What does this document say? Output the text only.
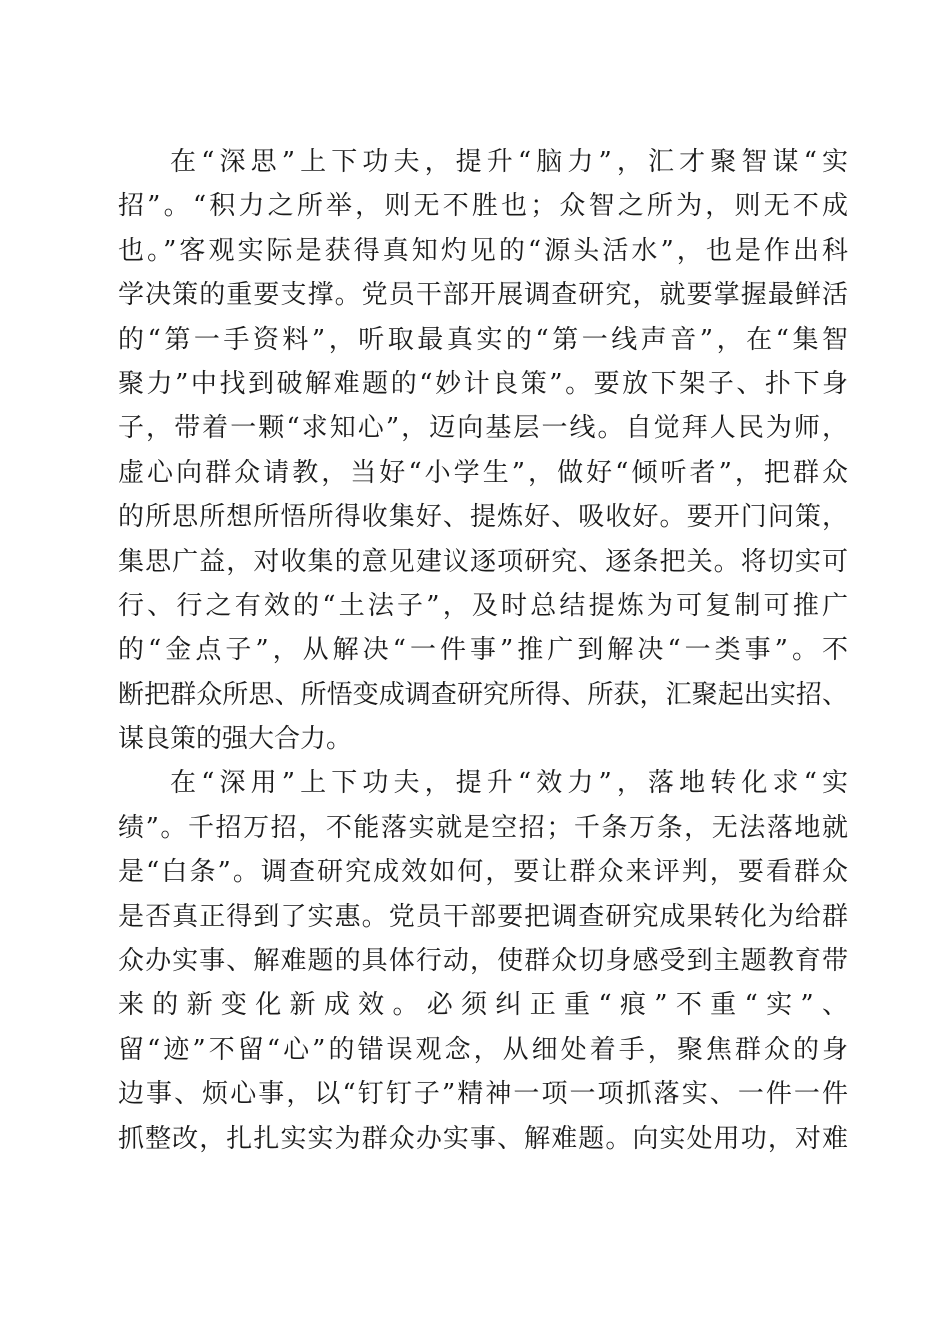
在“深思”上下功夫，提升“脑力”，汇才聚智谋“实
招”。“积力之所举，则无不胜也；众智之所为，则无不成
也。”客观实际是获得真知灼见的“源头活水”，也是作出科
学决策的重要支撑。党员干部开展调查研究，就要掌握最鲜活
的“第一手资料”，听取最真实的“第一线声音”，在“集智
聚力”中找到破解难题的“妙计良策”。要放下架子、扑下身
子，带着一颗“求知心”，迈向基层一线。自觉拜人民为师，
虚心向群众请教，当好“小学生”，做好“倾听者”，把群众
的所思所想所悟所得收集好、提炼好、吸收好。要开门问策，
集思广益，对收集的意见建议逐项研究、逐条把关。将切实可
行、行之有效的“土法子”，及时总结提炼为可复制可推广
的“金点子”，从解决“一件事”推广到解决“一类事”。不
断把群众所思、所悟变成调查研究所得、所获，汇聚起出实招、
谋良策的强大合力。
在“深用”上下功夫，提升“效力”，落地转化求“实
绩”。千招万招，不能落实就是空招；千条万条，无法落地就
是“白条”。调查研究成效如何，要让群众来评判，要看群众
是否真正得到了实惠。党员干部要把调查研究成果转化为给群
众办实事、解难题的具体行动，使群众切身感受到主题教育带
来的新变化新成效。必须纠正重“痕”不重“实”、
留“迹”不留“心”的错误观念，从细处着手，聚焦群众的身
边事、烦心事，以“钉钉子”精神一项一项抓落实、一件一件
抓整改，扎扎实实为群众办实事、解难题。向实处用功，对难
